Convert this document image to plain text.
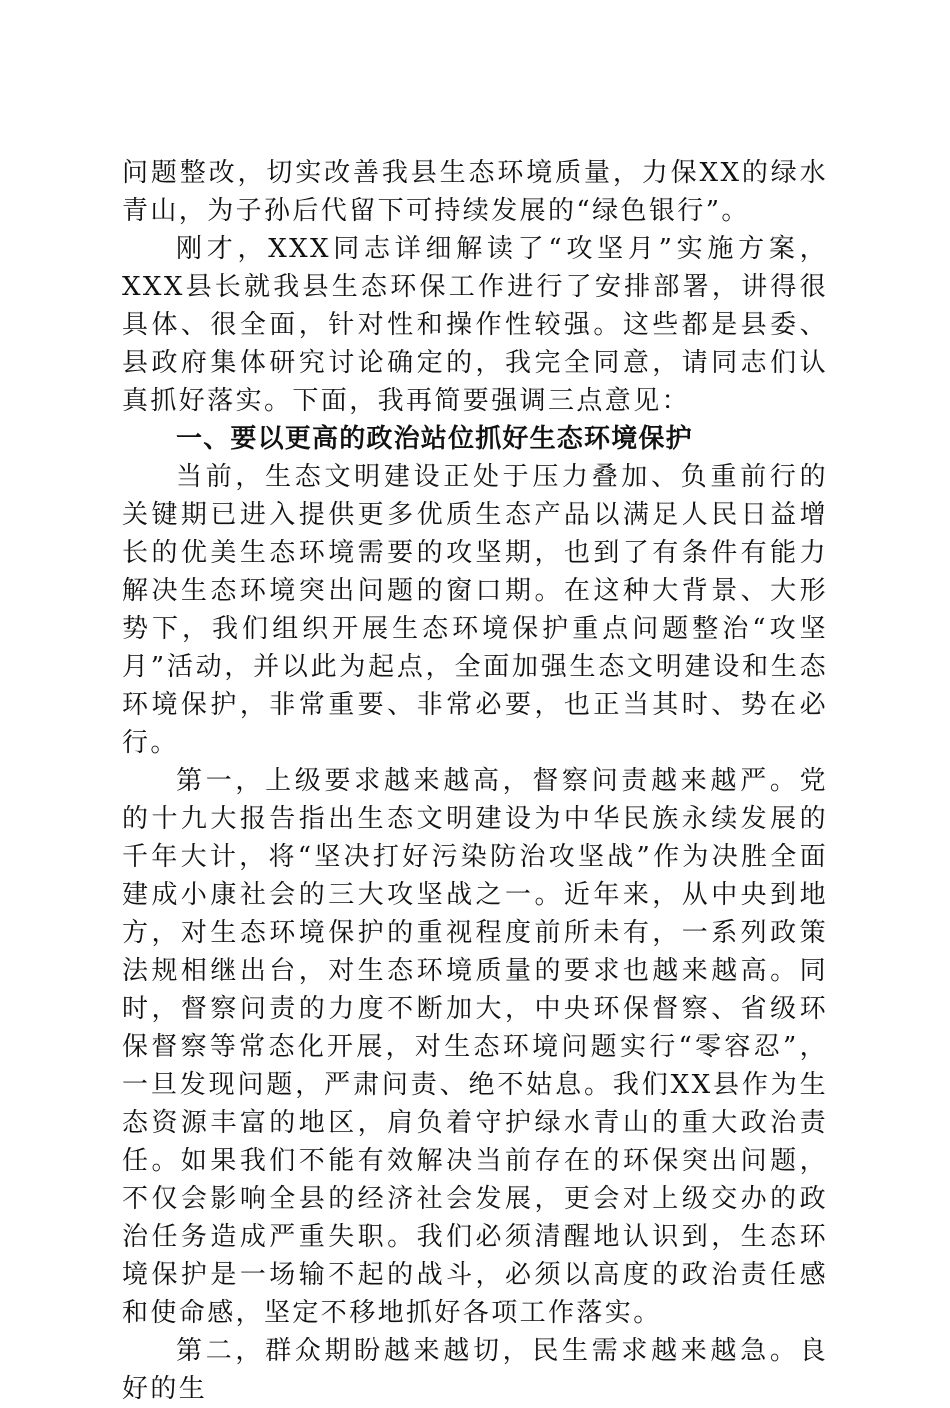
问题整改，切实改善我县生态环境质量，力保XX的绿水青山，为子孙后代留下可持续发展的“绿色银行”。

刚才，XXX同志详细解读了“攻坚月”实施方案，XXX县长就我县生态环保工作进行了安排部署，讲得很具体、很全面，针对性和操作性较强。这些都是县委、县政府集体研究讨论确定的，我完全同意，请同志们认真抓好落实。下面，我再简要强调三点意见：

一、要以更高的政治站位抓好生态环境保护

当前，生态文明建设正处于压力叠加、负重前行的关键期已进入提供更多优质生态产品以满足人民日益增长的优美生态环境需要的攻坚期，也到了有条件有能力解决生态环境突出问题的窗口期。在这种大背景、大形势下，我们组织开展生态环境保护重点问题整治“攻坚月”活动，并以此为起点，全面加强生态文明建设和生态环境保护，非常重要、非常必要，也正当其时、势在必行。

第一，上级要求越来越高，督察问责越来越严。党的十九大报告指出生态文明建设为中华民族永续发展的千年大计，将“坚决打好污染防治攻坚战”作为决胜全面建成小康社会的三大攻坚战之一。近年来，从中央到地方，对生态环境保护的重视程度前所未有，一系列政策法规相继出台，对生态环境质量的要求也越来越高。同时，督察问责的力度不断加大，中央环保督察、省级环保督察等常态化开展，对生态环境问题实行“零容忍”，一旦发现问题，严肃问责、绝不姑息。我们XX县作为生态资源丰富的地区，肩负着守护绿水青山的重大政治责任。如果我们不能有效解决当前存在的环保突出问题，不仅会影响全县的经济社会发展，更会对上级交办的政治任务造成严重失职。我们必须清醒地认识到，生态环境保护是一场输不起的战斗，必须以高度的政治责任感和使命感，坚定不移地抓好各项工作落实。

第二，群众期盼越来越切，民生需求越来越急。良好的生
